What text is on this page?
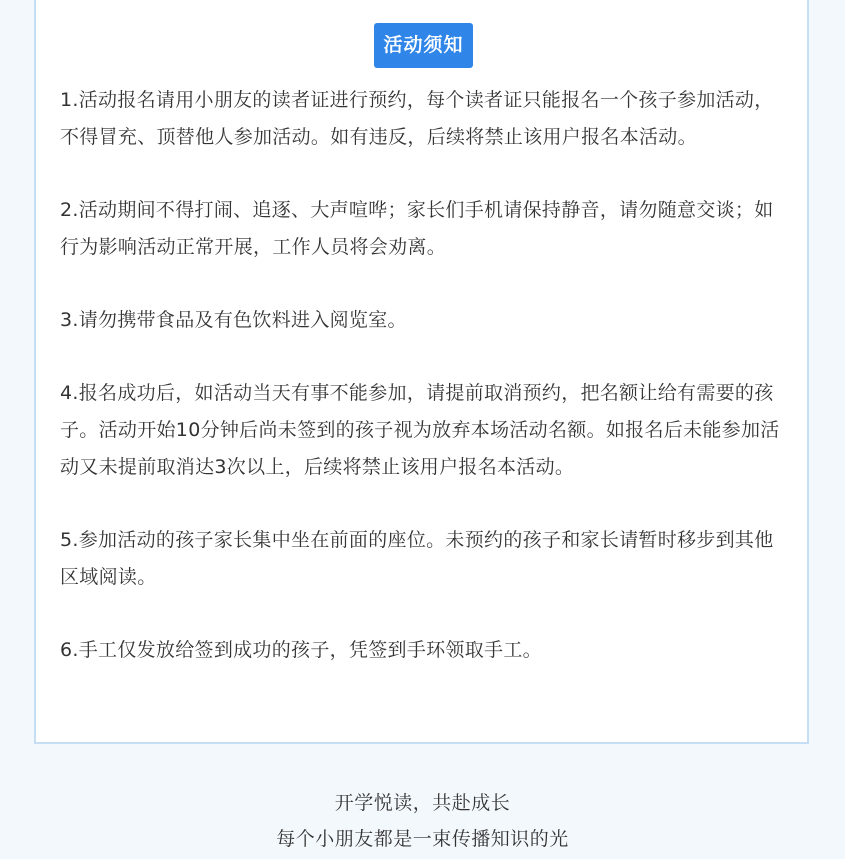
活动须知

1.活动报名请用小朋友的读者证进行预约，每个读者证只能报名一个孩子参加活动，不得冒充、顶替他人参加活动。如有违反，后续将禁止该用户报名本活动。

2.活动期间不得打闹、追逐、大声喧哗；家长们手机请保持静音，请勿随意交谈；如行为影响活动正常开展，工作人员将会劝离。

3.请勿携带食品及有色饮料进入阅览室。

4.报名成功后，如活动当天有事不能参加，请提前取消预约，把名额让给有需要的孩子。活动开始10分钟后尚未签到的孩子视为放弃本场活动名额。如报名后未能参加活动又未提前取消达3次以上，后续将禁止该用户报名本活动。

5.参加活动的孩子家长集中坐在前面的座位。未预约的孩子和家长请暂时移步到其他区域阅读。

6.手工仅发放给签到成功的孩子，凭签到手环领取手工。

开学悦读，共赴成长
每个小朋友都是一束传播知识的光
